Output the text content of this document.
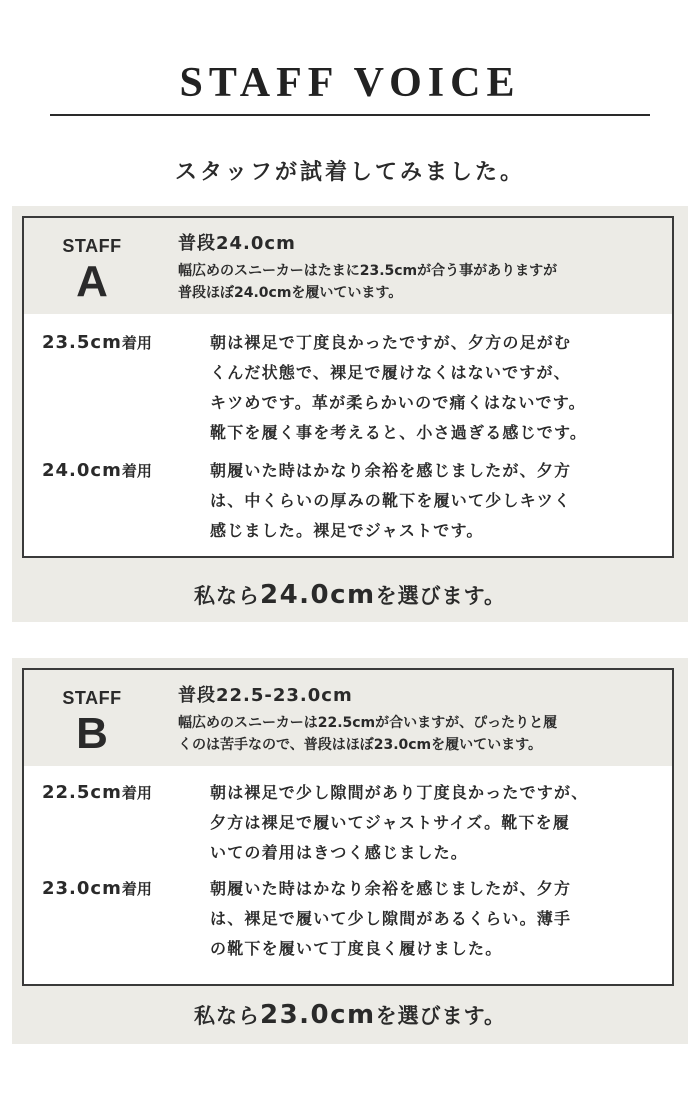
STAFF VOICE
スタッフが試着してみました。
STAFF
A
普段24.0cm
幅広めのスニーカーはたまに23.5cmが合う事がありますが
普段ほぼ24.0cmを履いています。
23.5cm着用	朝は裸足で丁度良かったですが、夕方の足がむ
くんだ状態で、裸足で履けなくはないですが、
キツめです。革が柔らかいので痛くはないです。
靴下を履く事を考えると、小さ過ぎる感じです。
24.0cm着用	朝履いた時はかなり余裕を感じましたが、夕方
は、中くらいの厚みの靴下を履いて少しキツく
感じました。裸足でジャストです。
私なら24.0cmを選びます。
STAFF
B
普段22.5-23.0cm
幅広めのスニーカーは22.5cmが合いますが、ぴったりと履
くのは苦手なので、普段はほぼ23.0cmを履いています。
22.5cm着用	朝は裸足で少し隙間があり丁度良かったですが、
夕方は裸足で履いてジャストサイズ。靴下を履
いての着用はきつく感じました。
23.0cm着用	朝履いた時はかなり余裕を感じましたが、夕方
は、裸足で履いて少し隙間があるくらい。薄手
の靴下を履いて丁度良く履けました。
私なら23.0cmを選びます。
